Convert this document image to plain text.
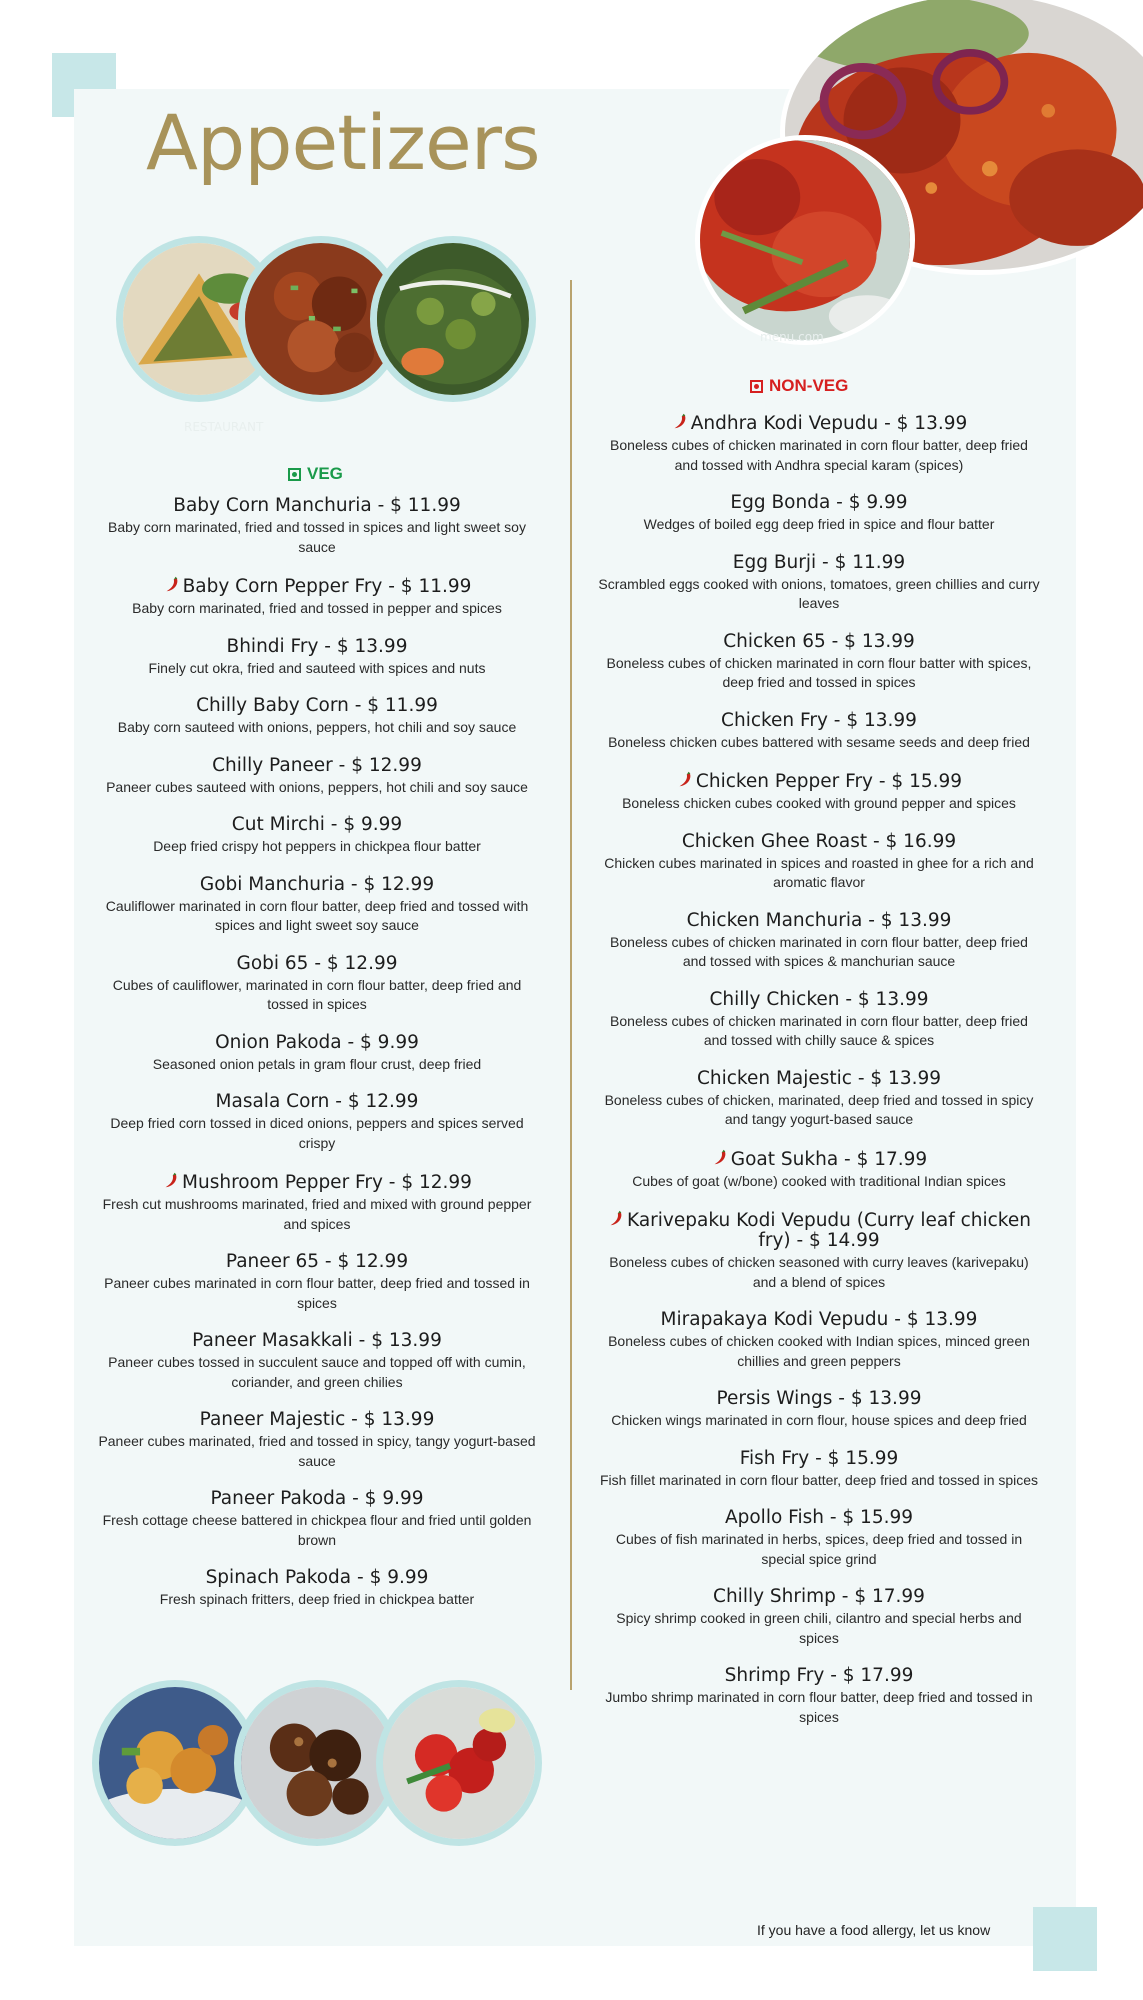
Appetizers
menu.com
RESTAURANT
VEG
Baby Corn Manchuria - $ 11.99
Baby corn marinated, fried and tossed in spices and light sweet soy sauce
Baby Corn Pepper Fry - $ 11.99
Baby corn marinated, fried and tossed in pepper and spices
Bhindi Fry - $ 13.99
Finely cut okra, fried and sauteed with spices and nuts
Chilly Baby Corn - $ 11.99
Baby corn sauteed with onions, peppers, hot chili and soy sauce
Chilly Paneer - $ 12.99
Paneer cubes sauteed with onions, peppers, hot chili and soy sauce
Cut Mirchi - $ 9.99
Deep fried crispy hot peppers in chickpea flour batter
Gobi Manchuria - $ 12.99
Cauliflower marinated in corn flour batter, deep fried and tossed with spices and light sweet soy sauce
Gobi 65 - $ 12.99
Cubes of cauliflower, marinated in corn flour batter, deep fried and tossed in spices
Onion Pakoda - $ 9.99
Seasoned onion petals in gram flour crust, deep fried
Masala Corn - $ 12.99
Deep fried corn tossed in diced onions, peppers and spices served crispy
Mushroom Pepper Fry - $ 12.99
Fresh cut mushrooms marinated, fried and mixed with ground pepper and spices
Paneer 65 - $ 12.99
Paneer cubes marinated in corn flour batter, deep fried and tossed in spices
Paneer Masakkali - $ 13.99
Paneer cubes tossed in succulent sauce and topped off with cumin, coriander, and green chilies
Paneer Majestic - $ 13.99
Paneer cubes marinated, fried and tossed in spicy, tangy yogurt-based sauce
Paneer Pakoda - $ 9.99
Fresh cottage cheese battered in chickpea flour and fried until golden brown
Spinach Pakoda - $ 9.99
Fresh spinach fritters, deep fried in chickpea batter
NON-VEG
Andhra Kodi Vepudu - $ 13.99
Boneless cubes of chicken marinated in corn flour batter, deep fried and tossed with Andhra special karam (spices)
Egg Bonda - $ 9.99
Wedges of boiled egg deep fried in spice and flour batter
Egg Burji - $ 11.99
Scrambled eggs cooked with onions, tomatoes, green chillies and curry leaves
Chicken 65 - $ 13.99
Boneless cubes of chicken marinated in corn flour batter with spices, deep fried and tossed in spices
Chicken Fry - $ 13.99
Boneless chicken cubes battered with sesame seeds and deep fried
Chicken Pepper Fry - $ 15.99
Boneless chicken cubes cooked with ground pepper and spices
Chicken Ghee Roast - $ 16.99
Chicken cubes marinated in spices and roasted in ghee for a rich and aromatic flavor
Chicken Manchuria - $ 13.99
Boneless cubes of chicken marinated in corn flour batter, deep fried and tossed with spices & manchurian sauce
Chilly Chicken - $ 13.99
Boneless cubes of chicken marinated in corn flour batter, deep fried and tossed with chilly sauce & spices
Chicken Majestic - $ 13.99
Boneless cubes of chicken, marinated, deep fried and tossed in spicy and tangy yogurt-based sauce
Goat Sukha - $ 17.99
Cubes of goat (w/bone) cooked with traditional Indian spices
Karivepaku Kodi Vepudu (Curry leaf chicken fry) - $ 14.99
Boneless cubes of chicken seasoned with curry leaves (karivepaku) and a blend of spices
Mirapakaya Kodi Vepudu - $ 13.99
Boneless cubes of chicken cooked with Indian spices, minced green chillies and green peppers
Persis Wings - $ 13.99
Chicken wings marinated in corn flour, house spices and deep fried
Fish Fry - $ 15.99
Fish fillet marinated in corn flour batter, deep fried and tossed in spices
Apollo Fish - $ 15.99
Cubes of fish marinated in herbs, spices, deep fried and tossed in special spice grind
Chilly Shrimp - $ 17.99
Spicy shrimp cooked in green chili, cilantro and special herbs and spices
Shrimp Fry - $ 17.99
Jumbo shrimp marinated in corn flour batter, deep fried and tossed in spices
If you have a food allergy, let us know
